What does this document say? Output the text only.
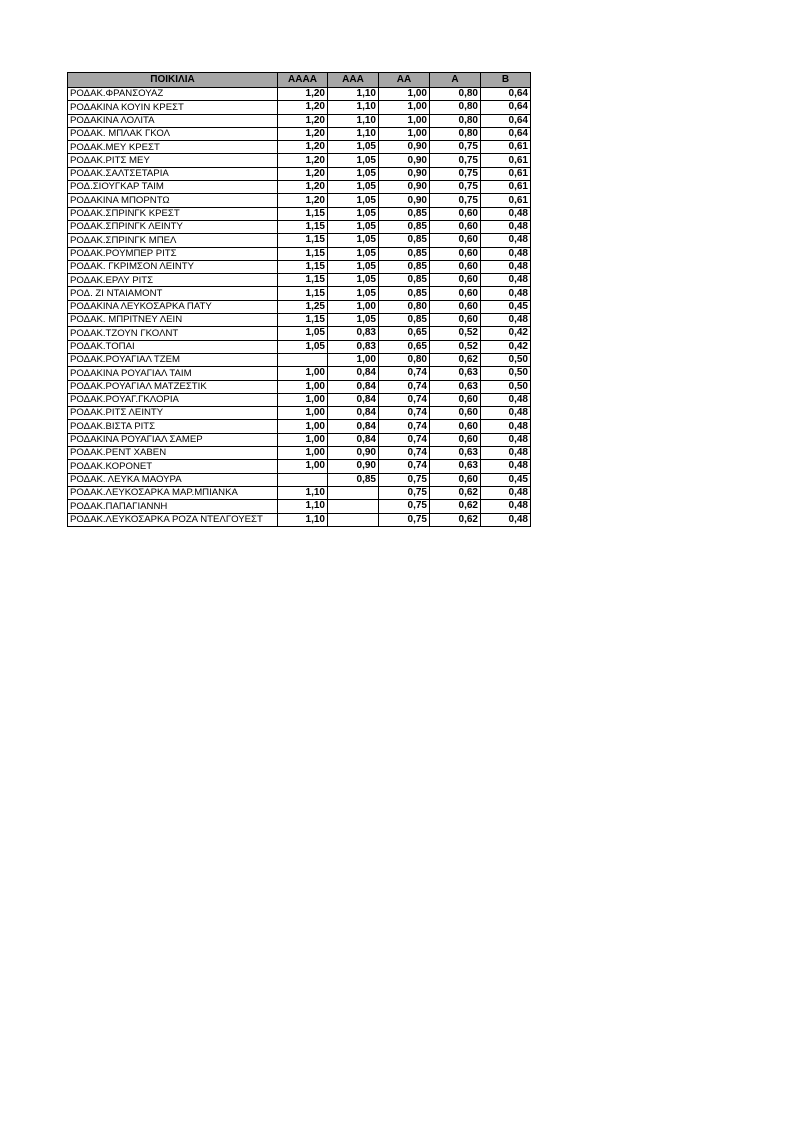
ΠΟΙΚΙΛΙΑ	AAAA	AAA	AA	A	B
ΡΟΔΑΚ.ΦΡΑΝΣΟΥΑΖ	1,20	1,10	1,00	0,80	0,64
ΡΟΔΑΚΙΝΑ ΚΟΥΙΝ ΚΡΕΣΤ	1,20	1,10	1,00	0,80	0,64
ΡΟΔΑΚΙΝΑ ΛΟΛΙΤΑ	1,20	1,10	1,00	0,80	0,64
ΡΟΔΑΚ. ΜΠΛΑΚ ΓΚΟΛ	1,20	1,10	1,00	0,80	0,64
ΡΟΔΑΚ.ΜΕΥ ΚΡΕΣΤ	1,20	1,05	0,90	0,75	0,61
ΡΟΔΑΚ.ΡΙΤΣ ΜΕΥ	1,20	1,05	0,90	0,75	0,61
ΡΟΔΑΚ.ΣΑΛΤΣΕΤΑΡΙΑ	1,20	1,05	0,90	0,75	0,61
ΡΟΔ.ΣΙΟΥΓΚΑΡ ΤΑΙΜ	1,20	1,05	0,90	0,75	0,61
ΡΟΔΑΚΙΝΑ ΜΠΟΡΝΤΩ	1,20	1,05	0,90	0,75	0,61
ΡΟΔΑΚ.ΣΠΡΙΝΓΚ ΚΡΕΣΤ	1,15	1,05	0,85	0,60	0,48
ΡΟΔΑΚ.ΣΠΡΙΝΓΚ ΛΕΙΝΤΥ	1,15	1,05	0,85	0,60	0,48
ΡΟΔΑΚ.ΣΠΡΙΝΓΚ ΜΠΕΛ	1,15	1,05	0,85	0,60	0,48
ΡΟΔΑΚ.ΡΟΥΜΠΕΡ ΡΙΤΣ	1,15	1,05	0,85	0,60	0,48
ΡΟΔΑΚ. ΓΚΡΙΜΣΟΝ ΛΕΙΝΤΥ	1,15	1,05	0,85	0,60	0,48
ΡΟΔΑΚ.ΕΡΛΥ ΡΙΤΣ	1,15	1,05	0,85	0,60	0,48
ΡΟΔ. ΖΙ ΝΤΑΙΑΜΟΝΤ	1,15	1,05	0,85	0,60	0,48
ΡΟΔΑΚΙΝΑ ΛΕΥΚΟΣΑΡΚΑ ΠΑΤΥ	1,25	1,00	0,80	0,60	0,45
ΡΟΔΑΚ. ΜΠΡΙΤΝΕΥ ΛΕΙΝ	1,15	1,05	0,85	0,60	0,48
ΡΟΔΑΚ.ΤΖΟΥΝ ΓΚΟΛΝΤ	1,05	0,83	0,65	0,52	0,42
ΡΟΔΑΚ.ΤΟΠΑΙ	1,05	0,83	0,65	0,52	0,42
ΡΟΔΑΚ.ΡΟΥΑΓΙΑΛ ΤΖΕΜ		1,00	0,80	0,62	0,50
ΡΟΔΑΚΙΝΑ ΡΟΥΑΓΙΑΛ ΤΑΙΜ	1,00	0,84	0,74	0,63	0,50
ΡΟΔΑΚ.ΡΟΥΑΓΙΑΛ ΜΑΤΖΕΣΤΙΚ	1,00	0,84	0,74	0,63	0,50
ΡΟΔΑΚ.ΡΟΥΑΓ.ΓΚΛΟΡΙΑ	1,00	0,84	0,74	0,60	0,48
ΡΟΔΑΚ.ΡΙΤΣ ΛΕΙΝΤΥ	1,00	0,84	0,74	0,60	0,48
ΡΟΔΑΚ.ΒΙΣΤΑ ΡΙΤΣ	1,00	0,84	0,74	0,60	0,48
ΡΟΔΑΚΙΝΑ ΡΟΥΑΓΙΑΛ ΣΑΜΕΡ	1,00	0,84	0,74	0,60	0,48
ΡΟΔΑΚ.ΡΕΝΤ ΧΑΒΕΝ	1,00	0,90	0,74	0,63	0,48
ΡΟΔΑΚ.ΚΟΡΟΝΕΤ	1,00	0,90	0,74	0,63	0,48
ΡΟΔΑΚ. ΛΕΥΚΑ ΜΑΟΥΡΑ		0,85	0,75	0,60	0,45
ΡΟΔΑΚ.ΛΕΥΚΟΣΑΡΚΑ ΜΑΡ.ΜΠΙΑΝΚΑ	1,10		0,75	0,62	0,48
ΡΟΔΑΚ.ΠΑΠΑΓΙΑΝΝΗ	1,10		0,75	0,62	0,48
ΡΟΔΑΚ.ΛΕΥΚΟΣΑΡΚΑ ΡΟΖΑ ΝΤΕΛΓΟΥΕΣΤ	1,10		0,75	0,62	0,48
